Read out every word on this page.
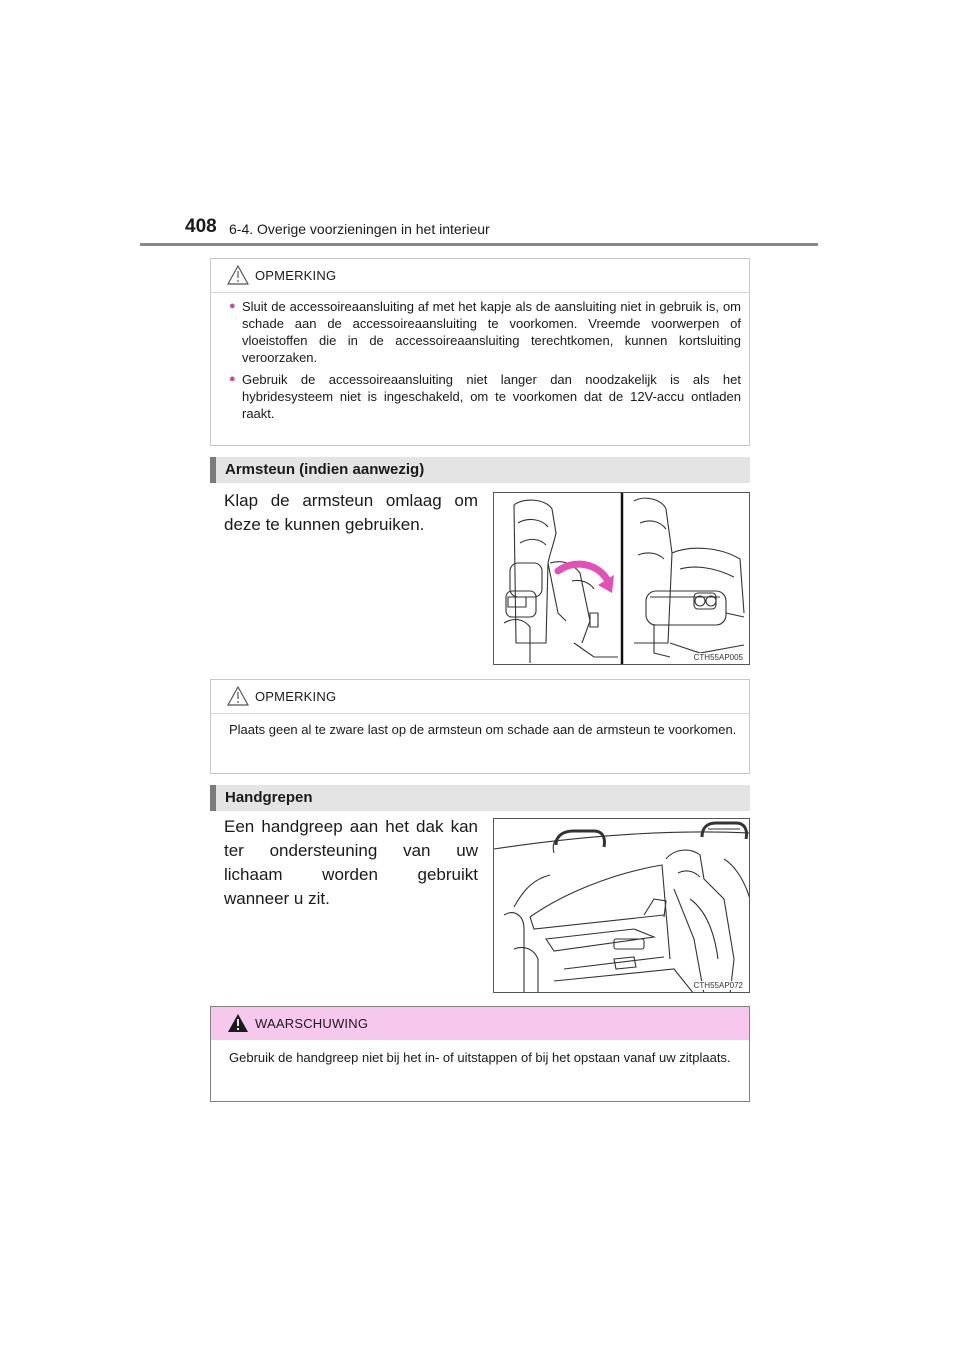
408 6-4. Overige voorzieningen in het interieur
OPMERKING
● Sluit de accessoireaansluiting af met het kapje als de aansluiting niet in gebruik is, om schade aan de accessoireaansluiting te voorkomen. Vreemde voorwerpen of vloeistoffen die in de accessoireaansluiting terechtkomen, kunnen kortsluiting veroorzaken.
● Gebruik de accessoireaansluiting niet langer dan noodzakelijk is als het hybridesysteem niet is ingeschakeld, om te voorkomen dat de 12V-accu ontladen raakt.
Armsteun (indien aanwezig)
Klap de armsteun omlaag om deze te kunnen gebruiken.
CTH55AP005
OPMERKING
Plaats geen al te zware last op de armsteun om schade aan de armsteun te voorkomen.
Handgrepen
Een handgreep aan het dak kan ter ondersteuning van uw lichaam worden gebruikt wanneer u zit.
CTH55AP072
WAARSCHUWING
Gebruik de handgreep niet bij het in- of uitstappen of bij het opstaan vanaf uw zitplaats.
